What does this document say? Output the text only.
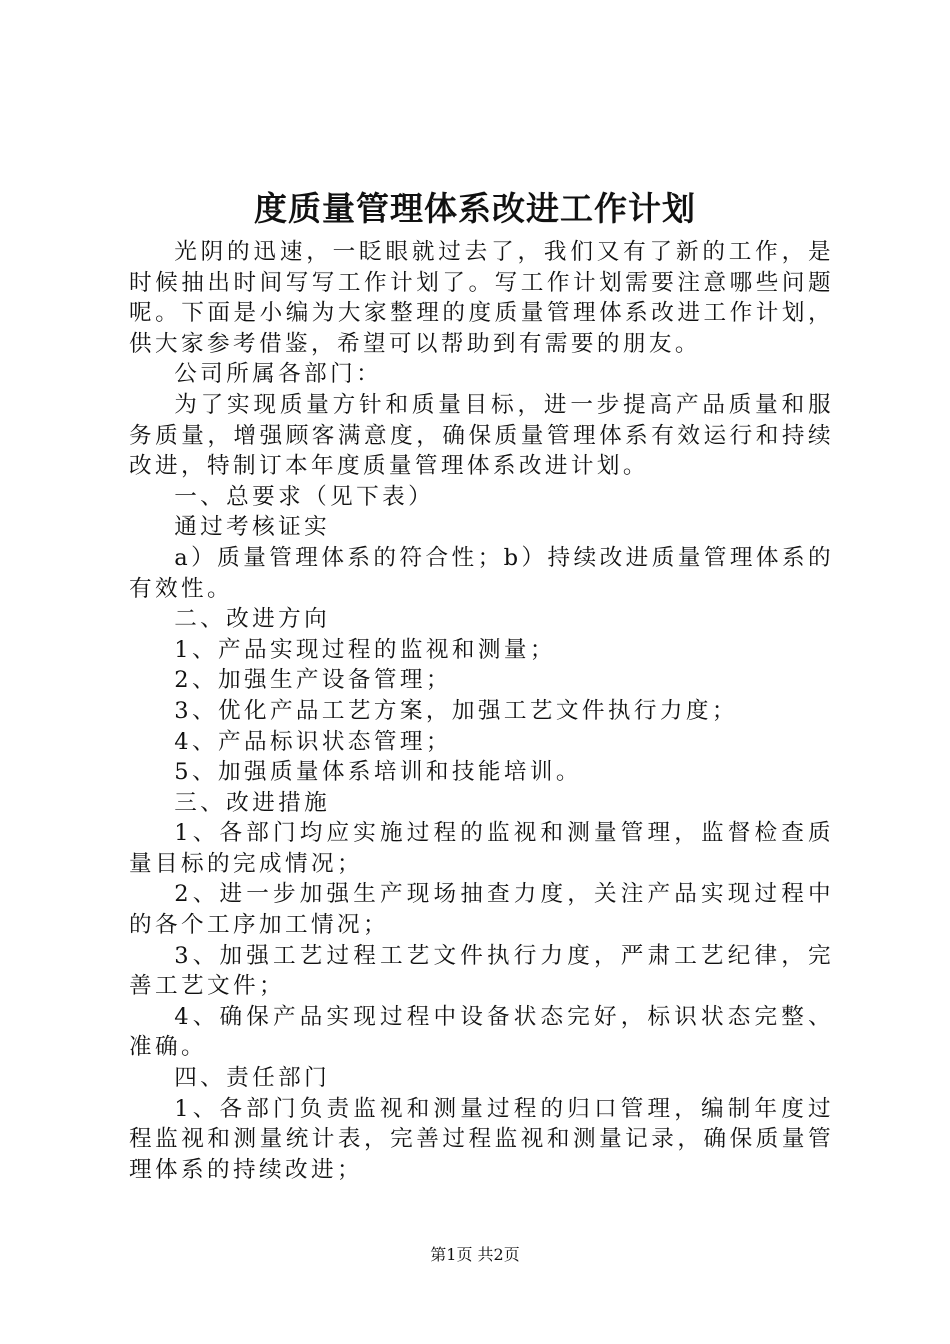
度质量管理体系改进工作计划

光阴的迅速，一眨眼就过去了，我们又有了新的工作，是时候抽出时间写写工作计划了。写工作计划需要注意哪些问题呢。下面是小编为大家整理的度质量管理体系改进工作计划，供大家参考借鉴，希望可以帮助到有需要的朋友。

公司所属各部门：

为了实现质量方针和质量目标，进一步提高产品质量和服务质量，增强顾客满意度，确保质量管理体系有效运行和持续改进，特制订本年度质量管理体系改进计划。

一、总要求（见下表）

通过考核证实

a）质量管理体系的符合性；b）持续改进质量管理体系的有效性。

二、改进方向

1、产品实现过程的监视和测量；

2、加强生产设备管理；

3、优化产品工艺方案，加强工艺文件执行力度；

4、产品标识状态管理；

5、加强质量体系培训和技能培训。

三、改进措施

1、各部门均应实施过程的监视和测量管理，监督检查质量目标的完成情况；

2、进一步加强生产现场抽查力度，关注产品实现过程中的各个工序加工情况；

3、加强工艺过程工艺文件执行力度，严肃工艺纪律，完善工艺文件；

4、确保产品实现过程中设备状态完好，标识状态完整、准确。

四、责任部门

1、各部门负责监视和测量过程的归口管理，编制年度过程监视和测量统计表，完善过程监视和测量记录，确保质量管理体系的持续改进；

第1页 共2页
